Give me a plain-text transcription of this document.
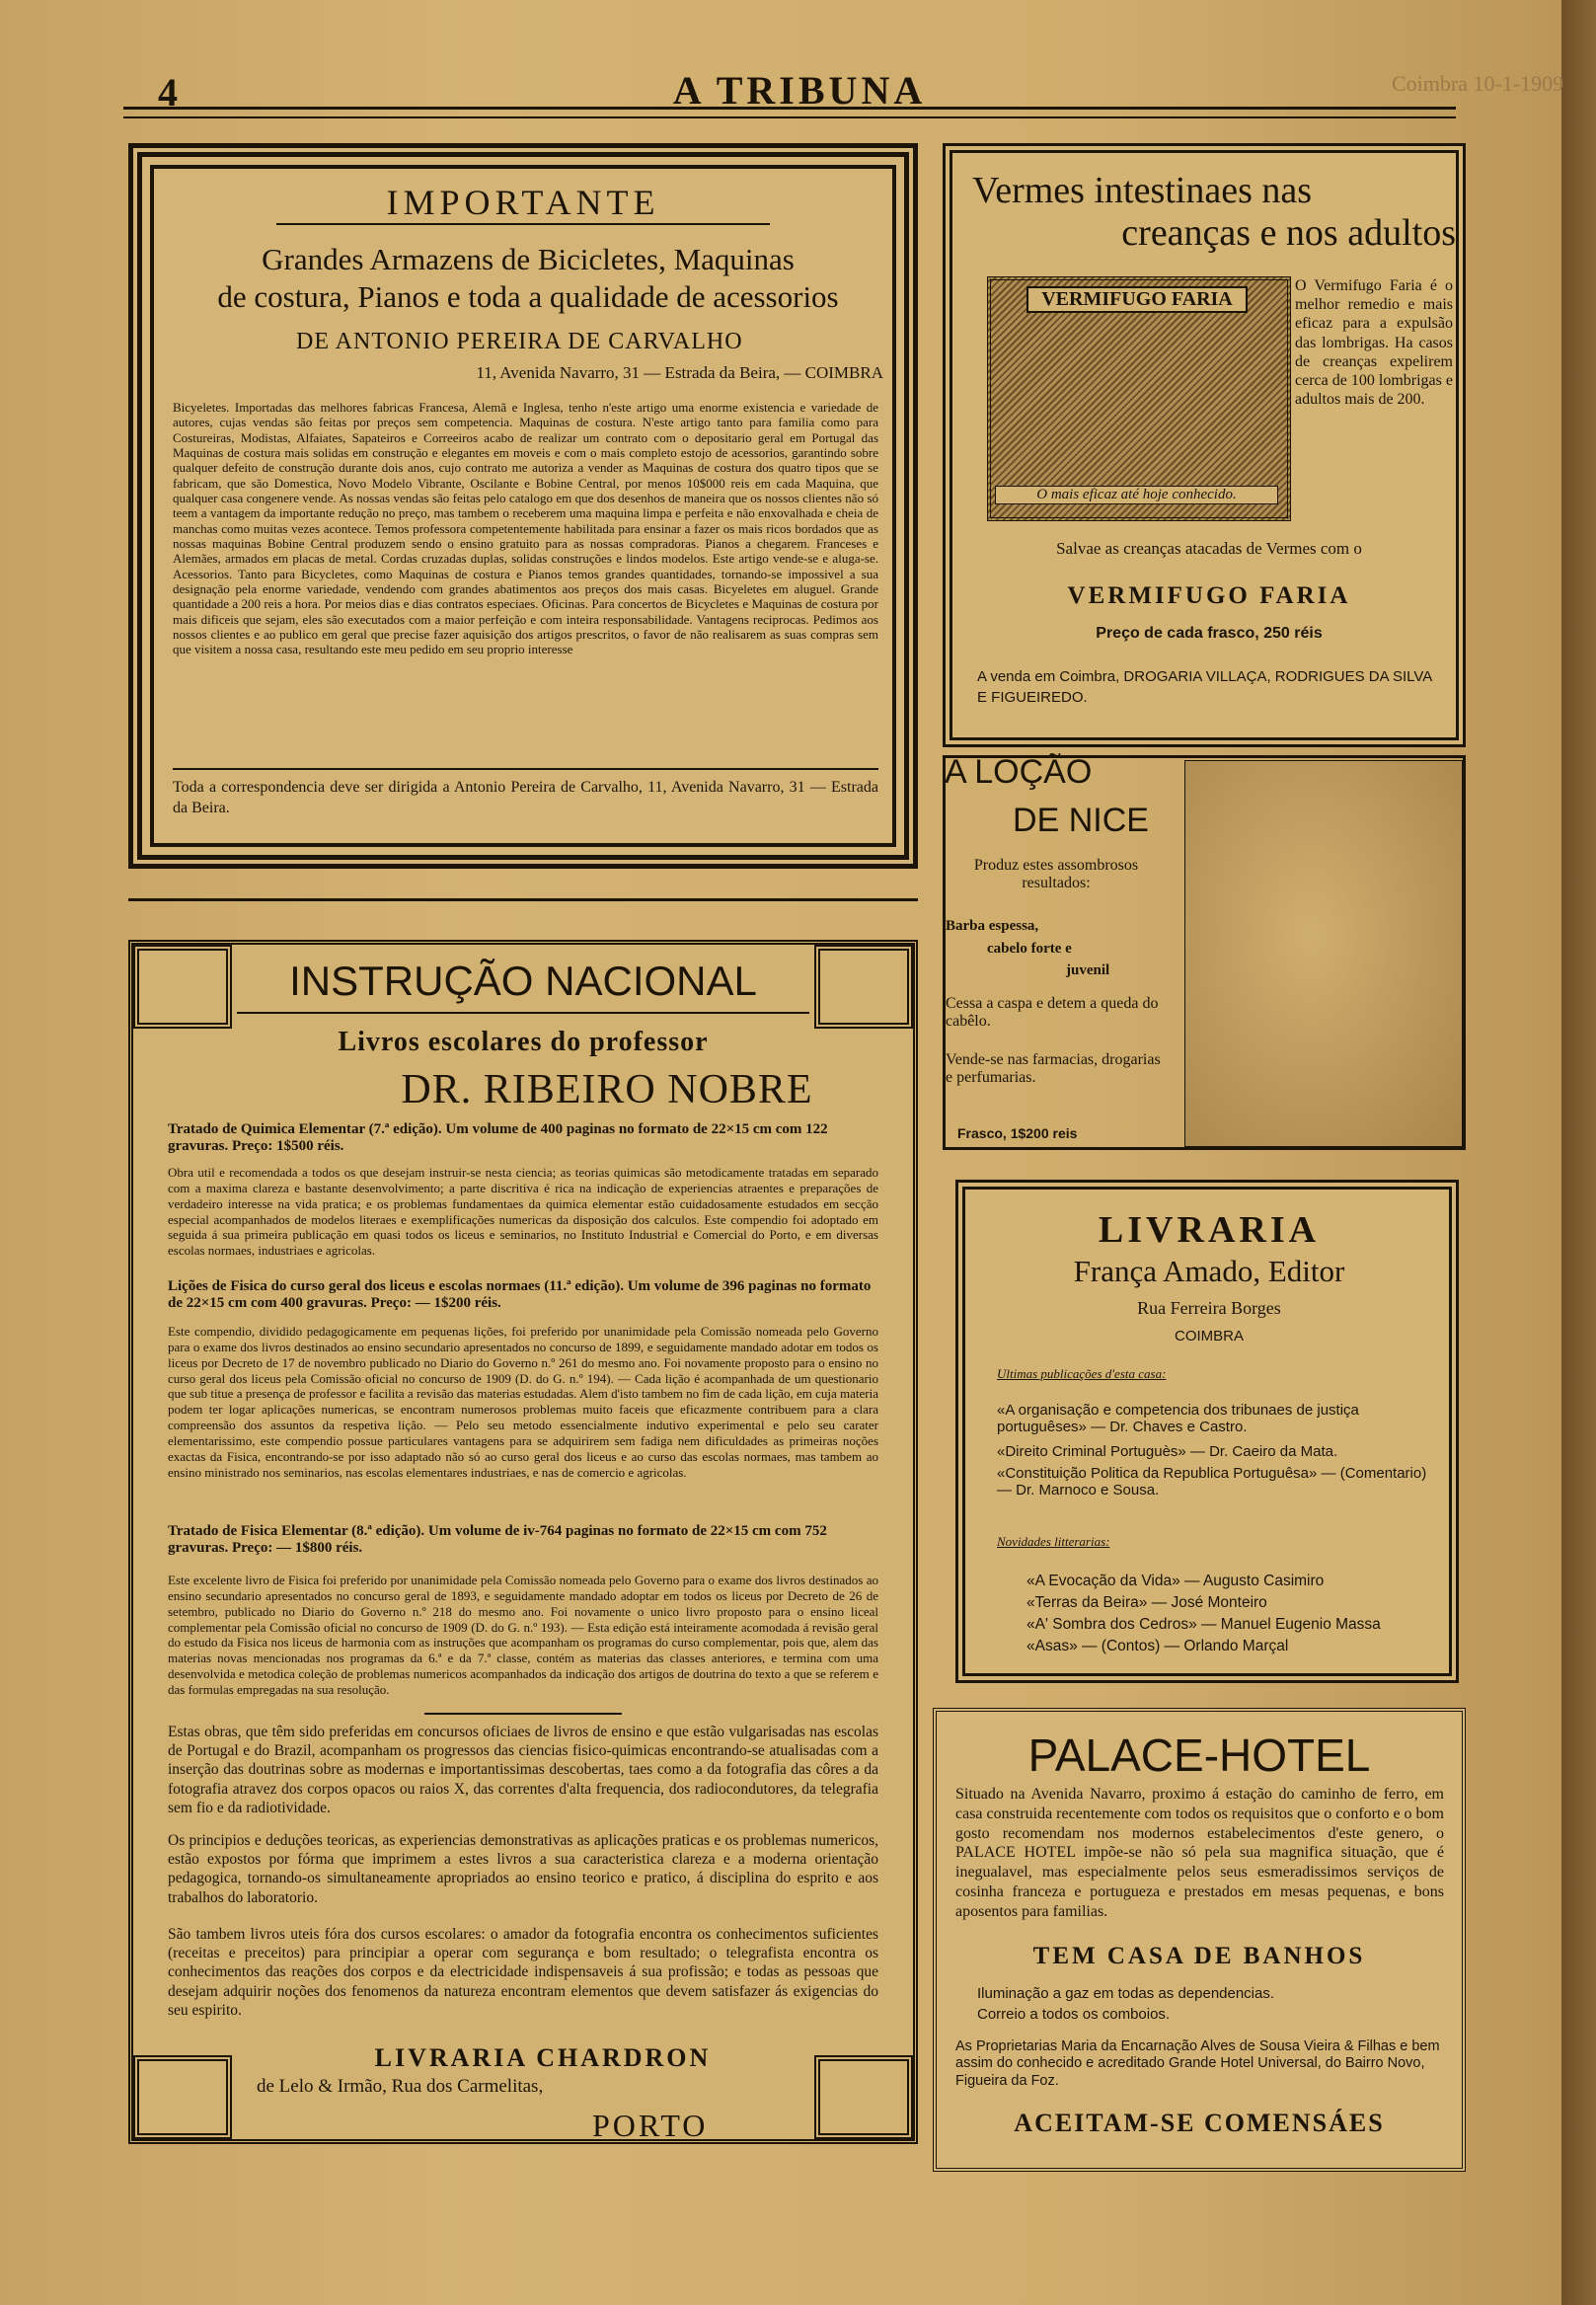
4	A TRIBUNA	Coimbra 10-1-1909
IMPORTANTE
Grandes Armazens de Bicicletes, Maquinas
de costura, Pianos e toda a qualidade de acessorios
DE ANTONIO PEREIRA DE CARVALHO
11, Avenida Navarro, 31 — Estrada da Beira, — COIMBRA
Bicyeletes. Importadas das melhores fabricas Francesa, Alemã e Inglesa, tenho n'este artigo uma enorme existencia e variedade de autores, cujas vendas são feitas por preços sem competencia. Maquinas de costura. N'este artigo tanto para familia como para Costureiras, Modistas, Alfaiates, Sapateiros e Correeiros acabo de realizar um contrato com o depositario geral em Portugal das Maquinas de costura mais solidas em construção e elegantes em moveis e com o mais completo estojo de acessorios, garantindo sobre qualquer defeito de construção durante dois anos, cujo contrato me autoriza a vender as Maquinas de costura dos quatro tipos que se fabricam, que são Domestica, Novo Modelo Vibrante, Oscilante e Bobine Central, por menos 10$000 reis em cada Maquina, que qualquer casa congenere vende. As nossas vendas são feitas pelo catalogo em que dos desenhos de maneira que os nossos clientes não só teem a vantagem da importante redução no preço, mas tambem o receberem uma maquina limpa e perfeita e não enxovalhada e cheia de manchas como muitas vezes acontece. Temos professora competentemente habilitada para ensinar a fazer os mais ricos bordados que as nossas maquinas Bobine Central produzem sendo o ensino gratuito para as nossas compradoras. Pianos a chegarem. Franceses e Alemães, armados em placas de metal. Cordas cruzadas duplas, solidas construções e lindos modelos. Este artigo vende-se e aluga-se. Acessorios. Tanto para Bicycletes, como Maquinas de costura e Pianos temos grandes quantidades, tornando-se impossivel a sua designação pela enorme variedade, vendendo com grandes abatimentos aos preços dos mais casas. Bicyeletes em aluguel. Grande quantidade a 200 reis a hora. Por meios dias e dias contratos especiaes. Oficinas. Para concertos de Bicycletes e Maquinas de costura por mais dificeis que sejam, eles são executados com a maior perfeição e com inteira responsabilidade. Vantagens reciprocas. Pedimos aos nossos clientes e ao publico em geral que precise fazer aquisição dos artigos prescritos, o favor de não realisarem as suas compras sem que visitem a nossa casa, resultando este meu pedido em seu proprio interesse
Toda a correspondencia deve ser dirigida a Antonio Pereira de Carvalho, 11, Avenida Navarro, 31 — Estrada da Beira.
INSTRUÇÃO NACIONAL
Livros escolares do professor
DR. RIBEIRO NOBRE
Tratado de Quimica Elementar (7.ª edição). Um volume de 400 paginas no formato de 22×15 cm com 122 gravuras. Preço: 1$500 réis.
Obra util e recomendada a todos os que desejam instruir-se nesta ciencia; as teorias quimicas são metodicamente tratadas em separado com a maxima clareza e bastante desenvolvimento; a parte discritiva é rica na indicação de experiencias atraentes e preparações de verdadeiro interesse na vida pratica; e os problemas fundamentaes da quimica elementar estão cuidadosamente estudados em secção especial acompanhados de modelos literaes e exemplificações numericas da disposição dos calculos. Este compendio foi adoptado em seguida á sua primeira publicação em quasi todos os liceus e seminarios, no Instituto Industrial e Comercial do Porto, e em diversas escolas normaes, industriaes e agricolas.
Lições de Fisica do curso geral dos liceus e escolas normaes (11.ª edição). Um volume de 396 paginas no formato de 22×15 cm com 400 gravuras. Preço: — 1$200 réis.
Este compendio, dividido pedagogicamente em pequenas lições, foi preferido por unanimidade pela Comissão nomeada pelo Governo para o exame dos livros destinados ao ensino secundario apresentados no concurso de 1899, e seguidamente mandado adotar em todos os liceus por Decreto de 17 de novembro publicado no Diario do Governo n.º 261 do mesmo ano. Foi novamente proposto para o ensino no curso geral dos liceus pela Comissão oficial no concurso de 1909 (D. do G. n.º 194). — Cada lição é acompanhada de um questionario que sub titue a presença de professor e facilita a revisão das materias estudadas. Alem d'isto tambem no fim de cada lição, em cuja materia podem ter logar aplicações numericas, se encontram numerosos problemas muito faceis que eficazmente contribuem para a clara compreensão dos assuntos da respetiva lição. — Pelo seu metodo essencialmente indutivo experimental e pelo seu carater elementarissimo, este compendio possue particulares vantagens para se adquirirem sem fadiga nem dificuldades as primeiras noções exactas da Fisica, encontrando-se por isso adaptado não só ao curso geral dos liceus e ao curso das escolas normaes, mas tambem ao ensino ministrado nos seminarios, nas escolas elementares industriaes, e nas de comercio e agricolas.
Tratado de Fisica Elementar (8.ª edição). Um volume de iv-764 paginas no formato de 22×15 cm com 752 gravuras. Preço: — 1$800 réis.
Este excelente livro de Fisica foi preferido por unanimidade pela Comissão nomeada pelo Governo para o exame dos livros destinados ao ensino secundario apresentados no concurso geral de 1893, e seguidamente mandado adoptar em todos os liceus por Decreto de 26 de setembro, publicado no Diario do Governo n.º 218 do mesmo ano. Foi novamente o unico livro proposto para o ensino liceal complementar pela Comissão oficial no concurso de 1909 (D. do G. n.º 193). — Esta edição está inteiramente acomodada á revisão geral do estudo da Fisica nos liceus de harmonia com as instruções que acompanham os programas do curso complementar, pois que, alem das materias novas mencionadas nos programas da 6.ª e da 7.ª classe, contém as materias das classes anteriores, e termina com uma desenvolvida e metodica coleção de problemas numericos acompanhados da indicação dos artigos de doutrina do texto a que se referem e das formulas empregadas na sua resolução.
Estas obras, que têm sido preferidas em concursos oficiaes de livros de ensino e que estão vulgarisadas nas escolas de Portugal e do Brazil, acompanham os progressos das ciencias fisico-quimicas encontrando-se atualisadas com a inserção das doutrinas sobre as modernas e importantissimas descobertas, taes como a da fotografia das côres a da fotografia atravez dos corpos opacos ou raios X, das correntes d'alta frequencia, dos radiocondutores, da telegrafia sem fio e da radiotividade.
Os principios e deduções teoricas, as experiencias demonstrativas as aplicações praticas e os problemas numericos, estão expostos por fórma que imprimem a estes livros a sua caracteristica clareza e a moderna orientação pedagogica, tornando-os simultaneamente apropriados ao ensino teorico e pratico, á disciplina do esprito e aos trabalhos do laboratorio.
São tambem livros uteis fóra dos cursos escolares: o amador da fotografia encontra os conhecimentos suficientes (receitas e preceitos) para principiar a operar com segurança e bom resultado; o telegrafista encontra os conhecimentos das reações dos corpos e da electricidade indispensaveis á sua profissão; e todas as pessoas que desejam adquirir noções dos fenomenos da natureza encontram elementos que devem satisfazer ás exigencias do seu espirito.
LIVRARIA CHARDRON
de Lelo & Irmão, Rua dos Carmelitas,
PORTO
Vermes intestinaes nas
creanças e nos adultos
VERMIFUGO FARIA
O mais eficaz até hoje conhecido.
O Vermifugo Faria é o melhor remedio e mais eficaz para a expulsão das lombrigas. Ha casos de creanças expelirem cerca de 100 lombrigas e adultos mais de 200.
Salvae as creanças atacadas de Vermes com o
VERMIFUGO FARIA
Preço de cada frasco, 250 réis
A venda em Coimbra, DROGARIA VILLAÇA, RODRIGUES DA SILVA E FIGUEIREDO.
A LOÇÃO
DE NICE
Produz estes assombrosos resultados:
Barba espessa,
cabelo forte e
juvenil
Cessa a caspa e detem a queda do cabêlo.
Vende-se nas farmacias, drogarias e perfumarias.
Frasco, 1$200 reis
LIVRARIA
França Amado, Editor
Rua Ferreira Borges
COIMBRA
Ultimas publicações d'esta casa:
«A organisação e competencia dos tribunaes de justiça portuguêses» — Dr. Chaves e Castro.
«Direito Criminal Portuguès» — Dr. Caeiro da Mata.
«Constituição Politica da Republica Portuguêsa» — (Comentario) — Dr. Marnoco e Sousa.
Novidades litterarias:
«A Evocação da Vida» — Augusto Casimiro
«Terras da Beira» — José Monteiro
«A' Sombra dos Cedros» — Manuel Eugenio Massa
«Asas» — (Contos) — Orlando Marçal
PALACE-HOTEL
Situado na Avenida Navarro, proximo á estação do caminho de ferro, em casa construida recentemente com todos os requisitos que o conforto e o bom gosto recomendam nos modernos estabelecimentos d'este genero, o PALACE HOTEL impõe-se não só pela sua magnifica situação, que é inegualavel, mas especialmente pelos seus esmeradissimos serviços de cosinha franceza e portugueza e prestados em mesas pequenas, e bons aposentos para familias.
TEM CASA DE BANHOS
Iluminação a gaz em todas as dependencias.
Correio a todos os comboios.
As Proprietarias Maria da Encarnação Alves de Sousa Vieira & Filhas e bem assim do conhecido e acreditado Grande Hotel Universal, do Bairro Novo, Figueira da Foz.
ACEITAM-SE COMENSÁES
